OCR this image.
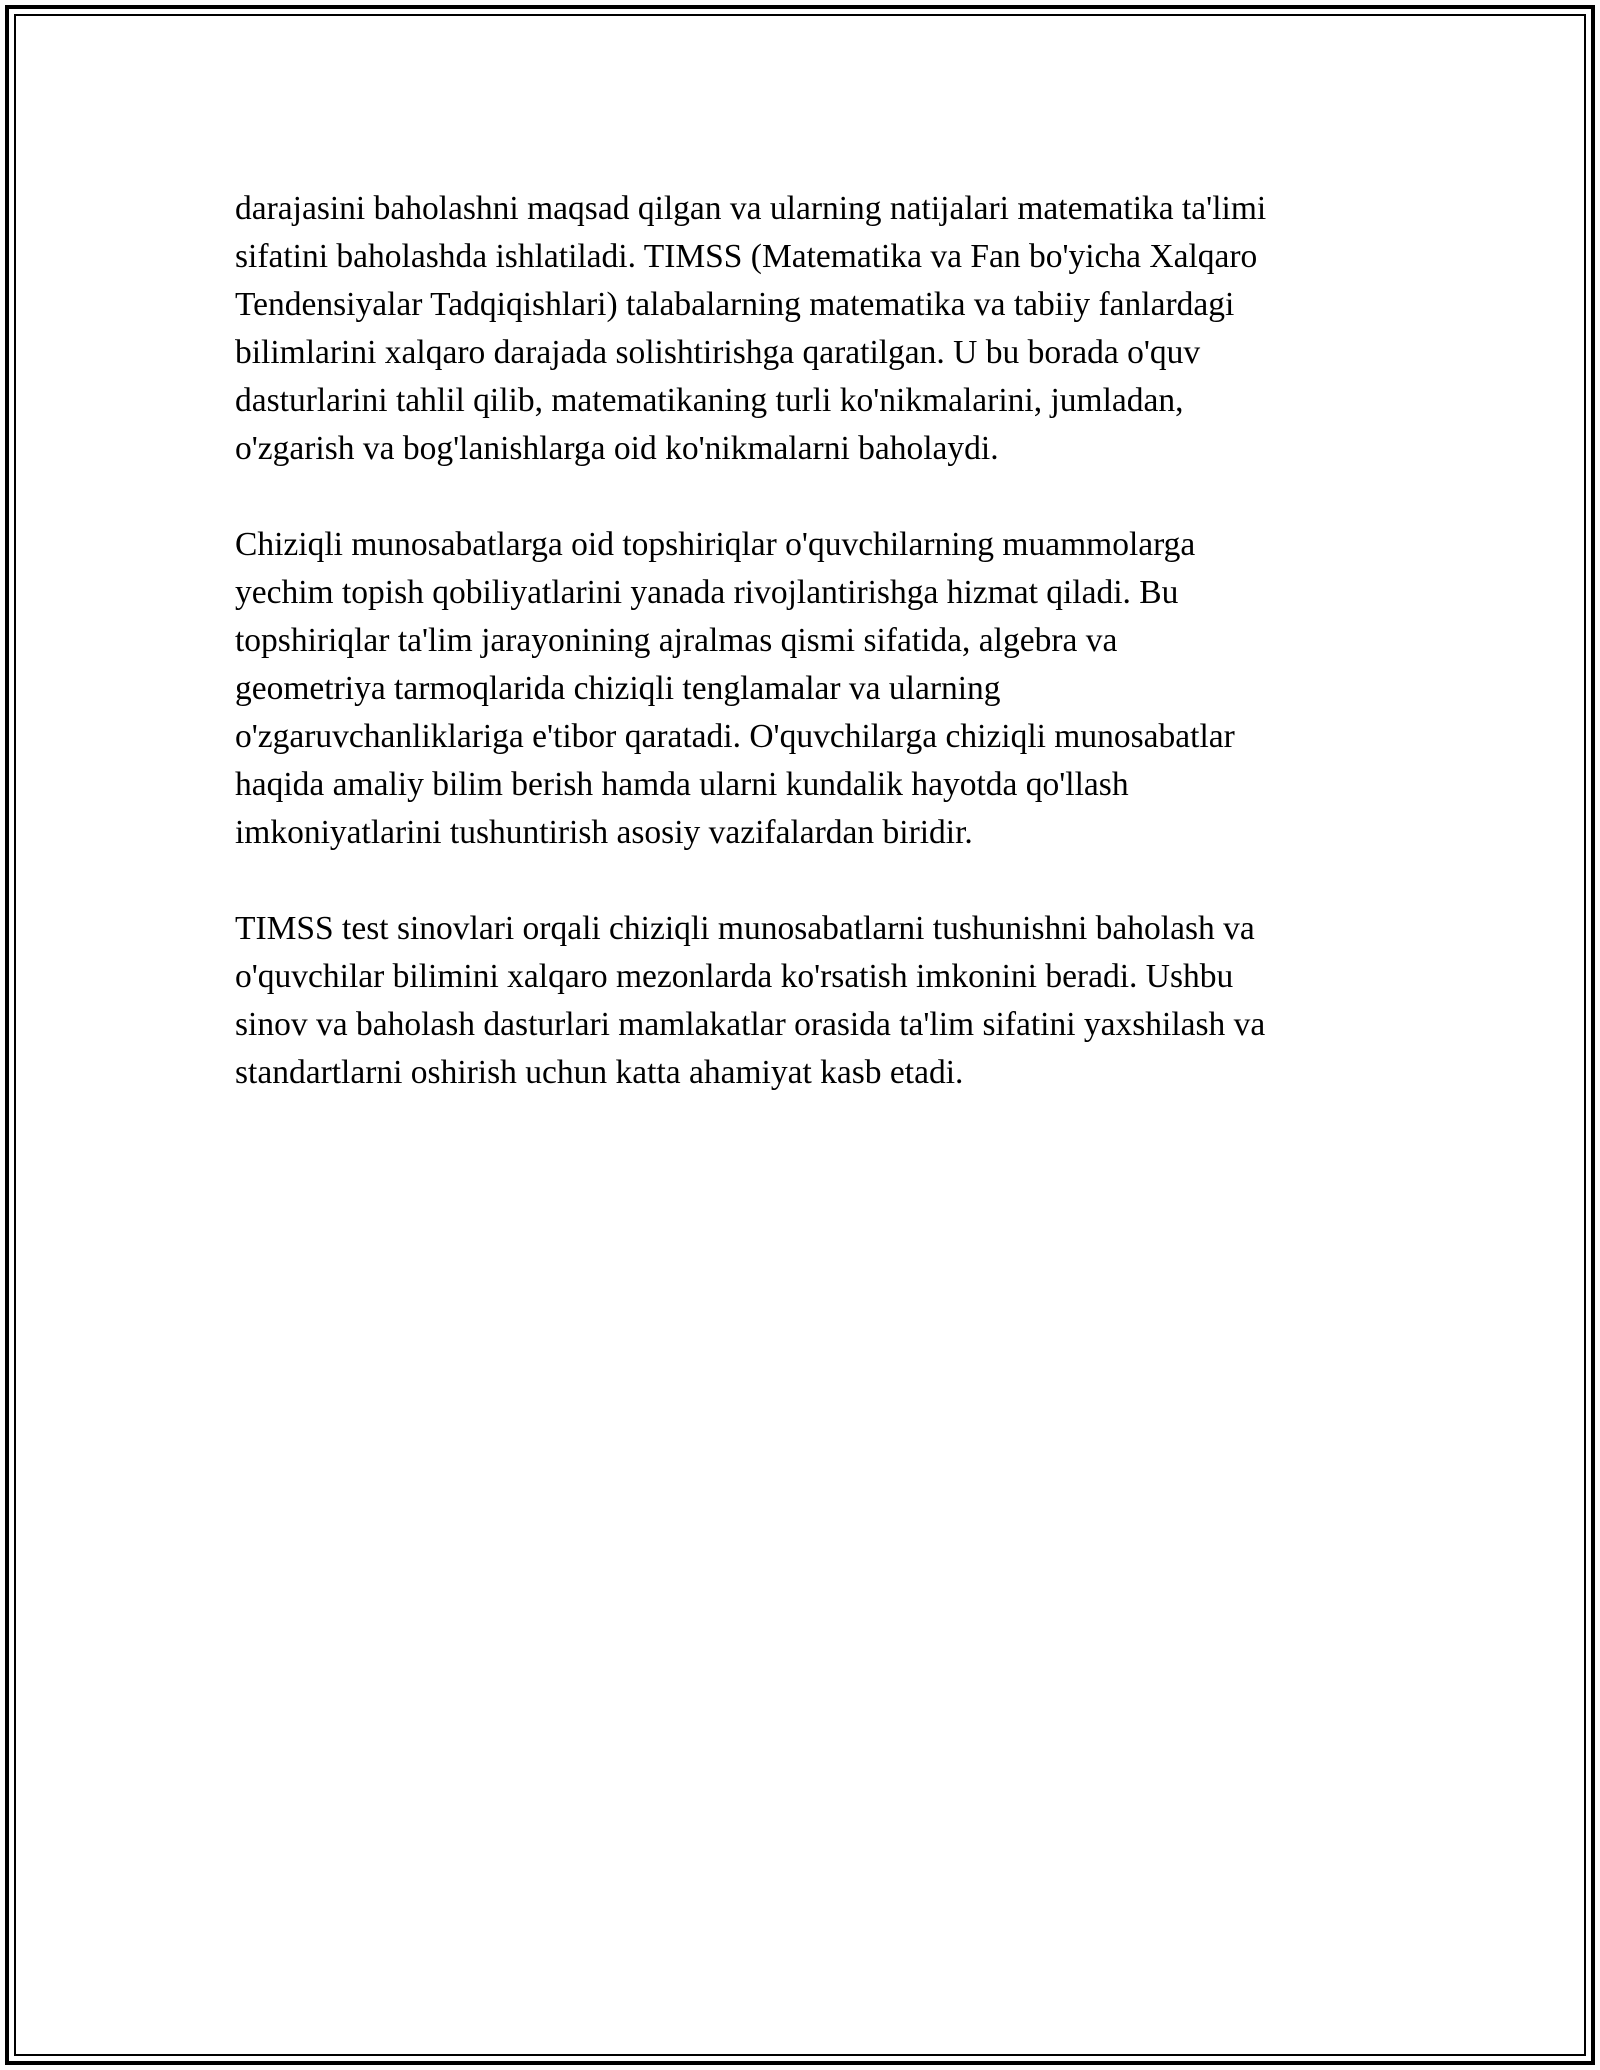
darajasini baholashni maqsad qilgan va ularning natijalari matematika ta'limi
sifatini baholashda ishlatiladi. TIMSS (Matematika va Fan bo'yicha Xalqaro
Tendensiyalar Tadqiqishlari) talabalarning matematika va tabiiy fanlardagi
bilimlarini xalqaro darajada solishtirishga qaratilgan. U bu borada o'quv
dasturlarini tahlil qilib, matematikaning turli ko'nikmalarini, jumladan,
o'zgarish va bog'lanishlarga oid ko'nikmalarni baholaydi.

Chiziqli munosabatlarga oid topshiriqlar o'quvchilarning muammolarga
yechim topish qobiliyatlarini yanada rivojlantirishga hizmat qiladi. Bu
topshiriqlar ta'lim jarayonining ajralmas qismi sifatida, algebra va
geometriya tarmoqlarida chiziqli tenglamalar va ularning
o'zgaruvchanliklariga e'tibor qaratadi. O'quvchilarga chiziqli munosabatlar
haqida amaliy bilim berish hamda ularni kundalik hayotda qo'llash
imkoniyatlarini tushuntirish asosiy vazifalardan biridir.

TIMSS test sinovlari orqali chiziqli munosabatlarni tushunishni baholash va
o'quvchilar bilimini xalqaro mezonlarda ko'rsatish imkonini beradi. Ushbu
sinov va baholash dasturlari mamlakatlar orasida ta'lim sifatini yaxshilash va
standartlarni oshirish uchun katta ahamiyat kasb etadi.
